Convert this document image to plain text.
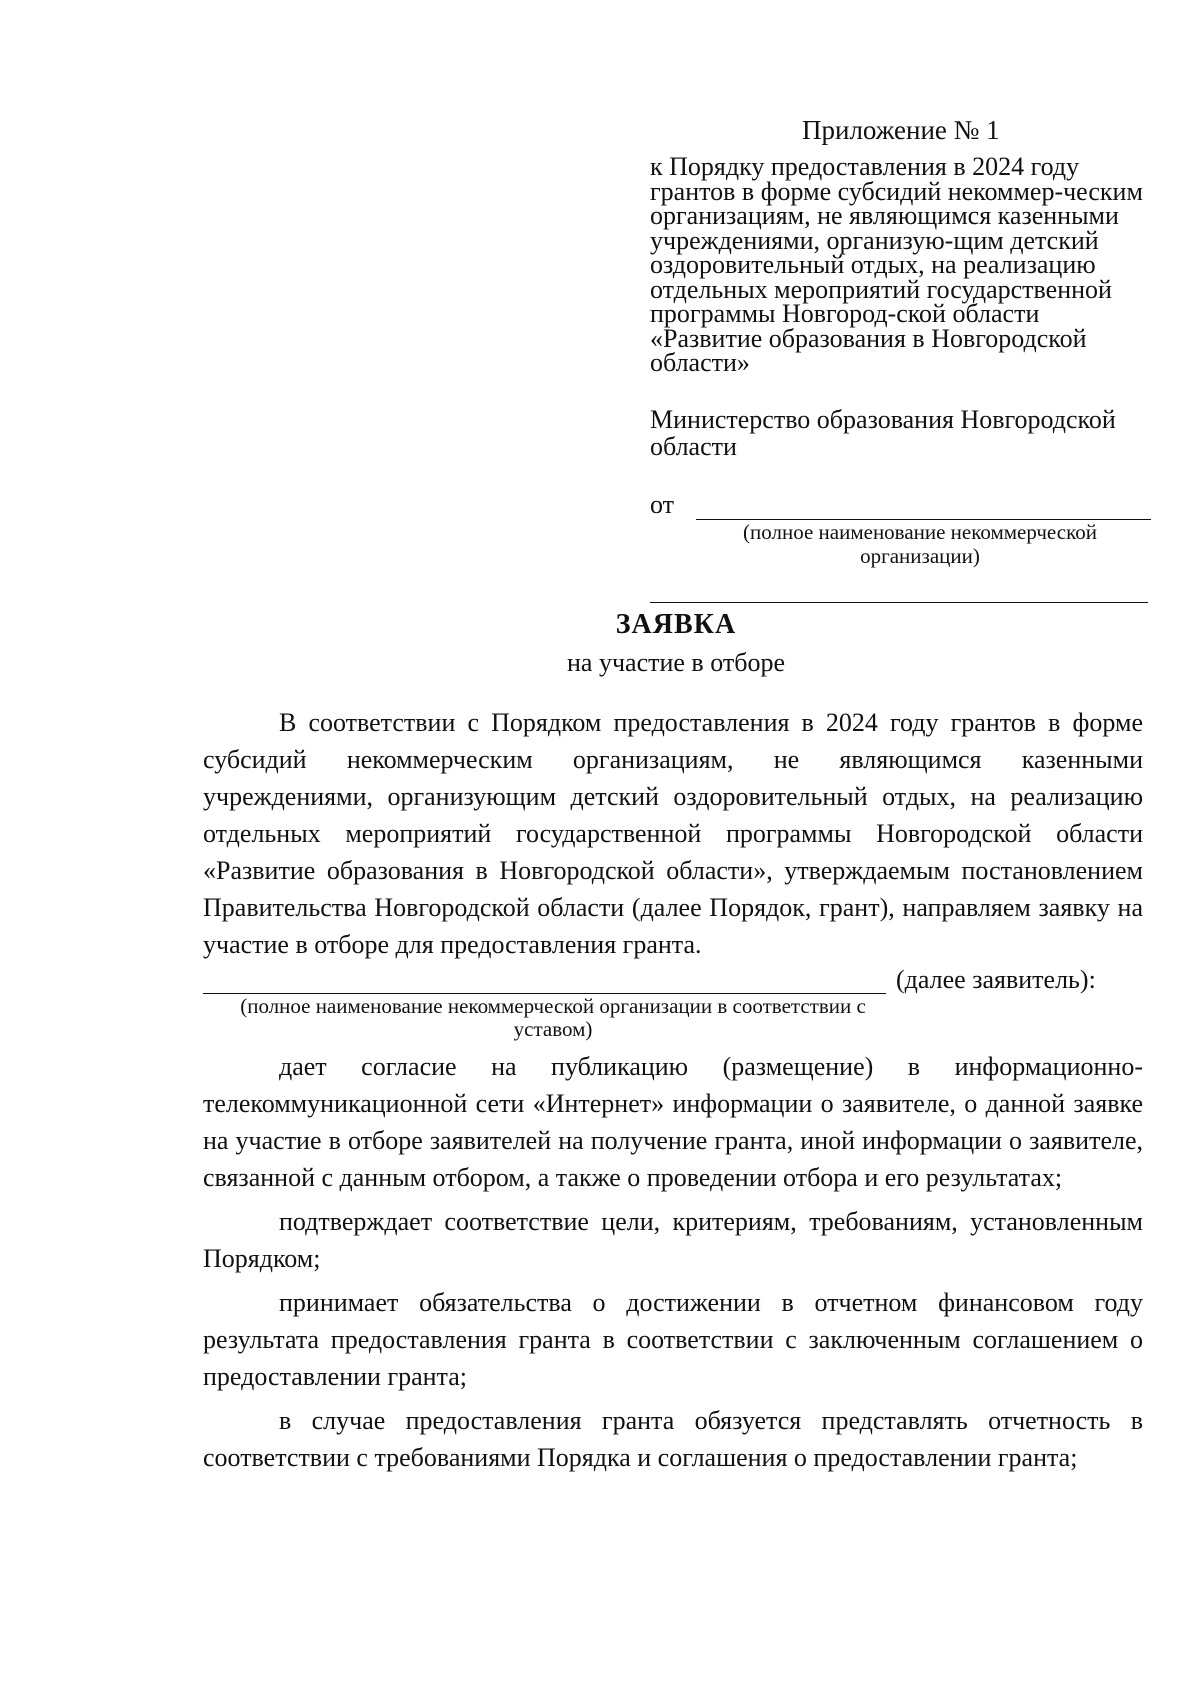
Приложение № 1
к Порядку предоставления в 2024 году грантов в форме субсидий некоммер-ческим организациям, не являющимся казенными учреждениями, организую-щим детский оздоровительный отдых, на реализацию отдельных мероприятий государственной программы Новгород-ской области «Развитие образования в Новгородской области»
Министерство образования Новгородской области
от
(полное наименование некоммерческой организации)
ЗАЯВКА
на участие в отборе

В соответствии с Порядком предоставления в 2024 году грантов в форме субсидий некоммерческим организациям, не являющимся казенными учреждениями, организующим детский оздоровительный отдых, на реализацию отдельных мероприятий государственной программы Новгородской области «Развитие образования в Новгородской области», утверждаемым постановлением Правительства Новгородской области (далее Порядок, грант), направляем заявку на участие в отборе для предоставления гранта.

(далее заявитель):
(полное наименование некоммерческой организации в соответствии с уставом)

дает согласие на публикацию (размещение) в информационно-телекоммуникационной сети «Интернет» информации о заявителе, о данной заявке на участие в отборе заявителей на получение гранта, иной информации о заявителе, связанной с данным отбором, а также о проведении отбора и его результатах;

подтверждает соответствие цели, критериям, требованиям, установленным Порядком;

принимает обязательства о достижении в отчетном финансовом году результата предоставления гранта в соответствии с заключенным соглашением о предоставлении гранта;

в случае предоставления гранта обязуется представлять отчетность в соответствии с требованиями Порядка и соглашения о предоставлении гранта;
